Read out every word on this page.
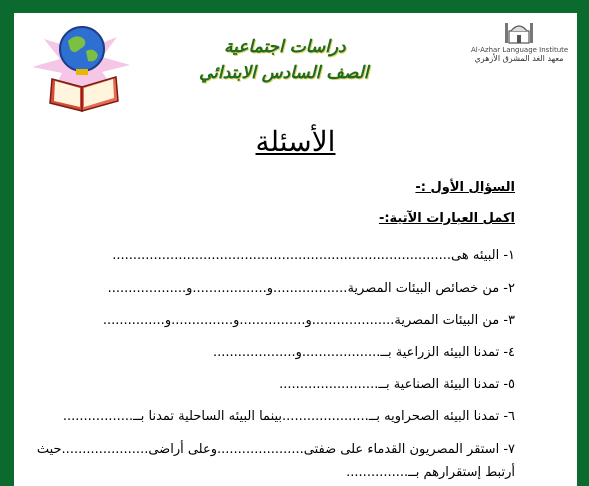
دراسات اجتماعية
الصف السادس الابتدائي
Al-Azhar Language Institute
معهد الغد المشرق الأزهري
الأسئلة
السؤال الأول :-
اكمل العبارات الآتية:-
١- البيئه هى..................................................................................
٢- من خصائص البيئات المصرية..................و..................و...................
٣- من البيئات المصرية....................و................و...............و...............
٤- تمدنا البيئه الزراعية بــ...................و....................
٥- تمدنا البيئة الصناعية بــ........................
٦- تمدنا البيئه الصحراويه بــ.....................بينما البيئه الساحلية تمدنا بــ.................
٧- استقر المصريون القدماء على ضفتى.....................وعلى أراضى.....................حيث
أرتبط إستقرارهم بــ...............
